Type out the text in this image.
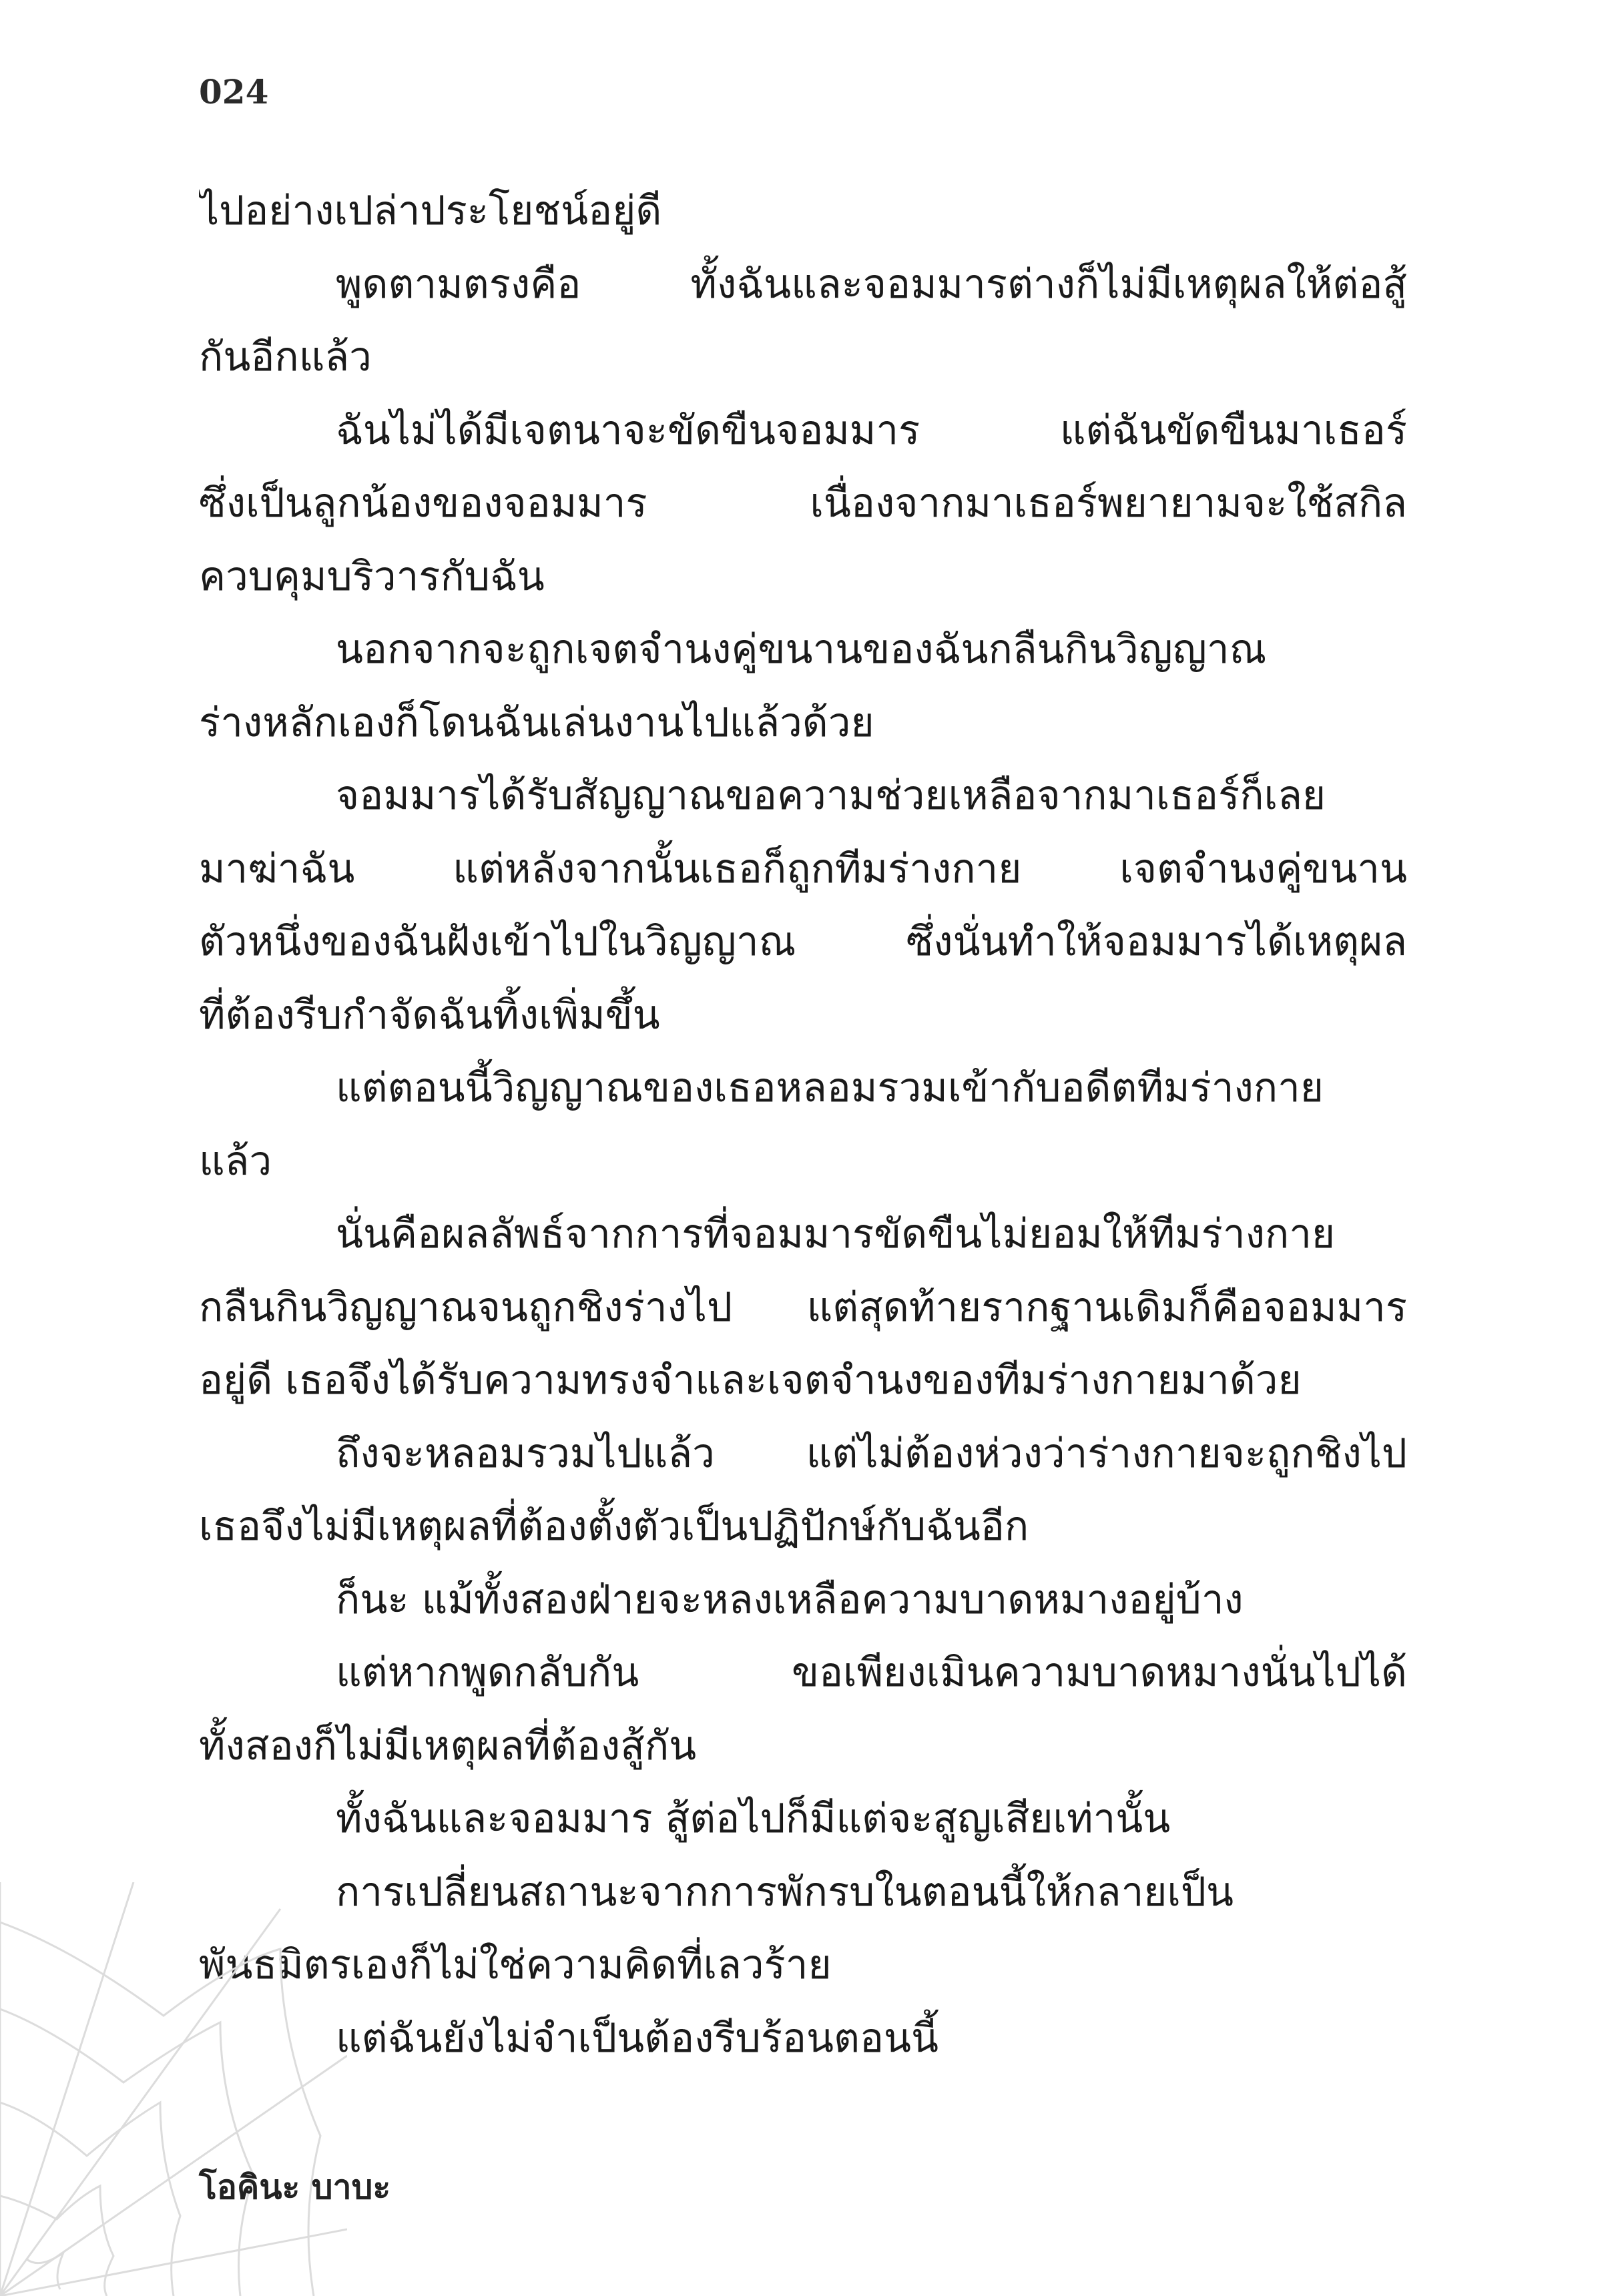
024
ไปอย่างเปล่าประโยชน์อยู่ดี
พูดตามตรงคือ ทั้งฉันและจอมมารต่างก็ไม่มีเหตุผลให้ต่อสู้
กันอีกแล้ว
ฉันไม่ได้มีเจตนาจะขัดขืนจอมมาร แต่ฉันขัดขืนมาเธอร์
ซึ่งเป็นลูกน้องของจอมมาร เนื่องจากมาเธอร์พยายามจะใช้สกิล
ควบคุมบริวารกับฉัน
นอกจากจะถูกเจตจำนงคู่ขนานของฉันกลืนกินวิญญาณ
ร่างหลักเองก็โดนฉันเล่นงานไปแล้วด้วย
จอมมารได้รับสัญญาณขอความช่วยเหลือจากมาเธอร์ก็เลย
มาฆ่าฉัน แต่หลังจากนั้นเธอก็ถูกทีมร่างกาย เจตจำนงคู่ขนาน
ตัวหนึ่งของฉันฝังเข้าไปในวิญญาณ ซึ่งนั่นทำให้จอมมารได้เหตุผล
ที่ต้องรีบกำจัดฉันทิ้งเพิ่มขึ้น
แต่ตอนนี้วิญญาณของเธอหลอมรวมเข้ากับอดีตทีมร่างกาย
แล้ว
นั่นคือผลลัพธ์จากการที่จอมมารขัดขืนไม่ยอมให้ทีมร่างกาย
กลืนกินวิญญาณจนถูกชิงร่างไป แต่สุดท้ายรากฐานเดิมก็คือจอมมาร
อยู่ดี เธอจึงได้รับความทรงจำและเจตจำนงของทีมร่างกายมาด้วย
ถึงจะหลอมรวมไปแล้ว แต่ไม่ต้องห่วงว่าร่างกายจะถูกชิงไป
เธอจึงไม่มีเหตุผลที่ต้องตั้งตัวเป็นปฏิปักษ์กับฉันอีก
ก็นะ แม้ทั้งสองฝ่ายจะหลงเหลือความบาดหมางอยู่บ้าง
แต่หากพูดกลับกัน ขอเพียงเมินความบาดหมางนั่นไปได้
ทั้งสองก็ไม่มีเหตุผลที่ต้องสู้กัน
ทั้งฉันและจอมมาร สู้ต่อไปก็มีแต่จะสูญเสียเท่านั้น
การเปลี่ยนสถานะจากการพักรบในตอนนี้ให้กลายเป็น
พันธมิตรเองก็ไม่ใช่ความคิดที่เลวร้าย
แต่ฉันยังไม่จำเป็นต้องรีบร้อนตอนนี้
โอคินะ บาบะ
